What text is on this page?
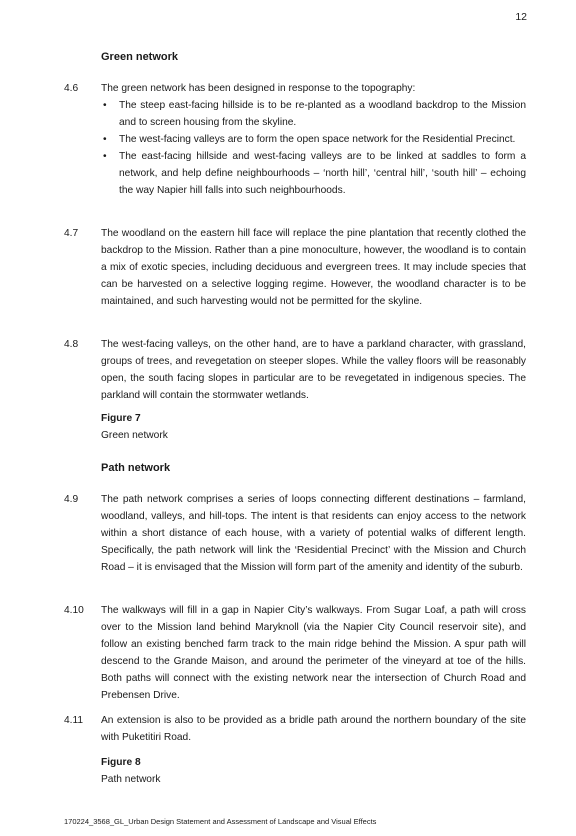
12
Green network
4.6 The green network has been designed in response to the topography:
• The steep east-facing hillside is to be re-planted as a woodland backdrop to the Mission and to screen housing from the skyline.
• The west-facing valleys are to form the open space network for the Residential Precinct.
• The east-facing hillside and west-facing valleys are to be linked at saddles to form a network, and help define neighbourhoods – ‘north hill’, ‘central hill’, ‘south hill’ – echoing the way Napier hill falls into such neighbourhoods.
4.7 The woodland on the eastern hill face will replace the pine plantation that recently clothed the backdrop to the Mission. Rather than a pine monoculture, however, the woodland is to contain a mix of exotic species, including deciduous and evergreen trees. It may include species that can be harvested on a selective logging regime. However, the woodland character is to be maintained, and such harvesting would not be permitted for the skyline.
4.8 The west-facing valleys, on the other hand, are to have a parkland character, with grassland, groups of trees, and revegetation on steeper slopes. While the valley floors will be reasonably open, the south facing slopes in particular are to be revegetated in indigenous species. The parkland will contain the stormwater wetlands.
Figure 7
Green network
Path network
4.9 The path network comprises a series of loops connecting different destinations – farmland, woodland, valleys, and hill-tops. The intent is that residents can enjoy access to the network within a short distance of each house, with a variety of potential walks of different length. Specifically, the path network will link the ‘Residential Precinct’ with the Mission and Church Road – it is envisaged that the Mission will form part of the amenity and identity of the suburb.
4.10 The walkways will fill in a gap in Napier City’s walkways. From Sugar Loaf, a path will cross over to the Mission land behind Maryknoll (via the Napier City Council reservoir site), and follow an existing benched farm track to the main ridge behind the Mission. A spur path will descend to the Grande Maison, and around the perimeter of the vineyard at toe of the hills. Both paths will connect with the existing network near the intersection of Church Road and Prebensen Drive.
4.11 An extension is also to be provided as a bridle path around the northern boundary of the site with Puketitiri Road.
Figure 8
Path network
170224_3568_GL_Urban Design Statement and Assessment of Landscape and Visual Effects
